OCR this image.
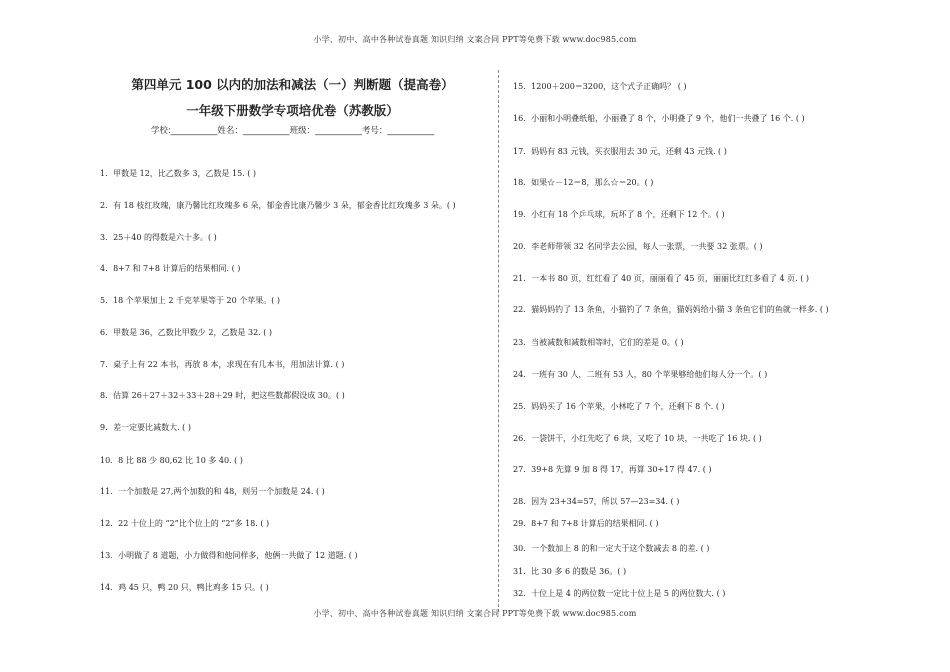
小学、初中、高中各种试卷真题 知识归纳 文案合同 PPT等免费下载 www.doc985.com
第四单元 100 以内的加法和减法（一）判断题（提高卷）
一年级下册数学专项培优卷（苏教版）
学校:___________姓名：___________班级：___________考号：___________
1．甲数是 12，比乙数多 3，乙数是 15. ( )
2．有 18 枝红玫瑰，康乃馨比红玫瑰多 6 朵，郁金香比康乃馨少 3 朵，郁金香比红玫瑰多 3 朵。( )
3．25＋40 的得数是六十多。( )
4．8+7 和 7+8 计算后的结果相同. ( )
5．18 个苹果加上 2 千克苹果等于 20 个苹果。( )
6．甲数是 36，乙数比甲数少 2，乙数是 32. ( )
7．桌子上有 22 本书，再放 8 本，求现在有几本书，用加法计算. ( )
8．估算 26＋27＋32＋33＋28＋29 时，把这些数都假设成 30。( )
9．差一定要比减数大. ( )
10．8 比 88 少 80,62 比 10 多 40. ( )
11．一个加数是 27,两个加数的和 48，则另一个加数是 24. ( )
12．22 十位上的 “2”比个位上的 “2”多 18. ( )
13．小明做了 8 道题，小力做得和他同样多，他俩一共做了 12 道题. ( )
14．鸡 45 只，鸭 20 只，鸭比鸡多 15 只。( )
15．1200＋200＝3200，这个式子正确吗？ ( )
16．小丽和小明叠纸船，小丽叠了 8 个，小明叠了 9 个，他们一共叠了 16 个. ( )
17．妈妈有 83 元钱，买衣服用去 30 元，还剩 43 元钱. ( )
18．如果☆－12＝8，那么☆＝20。( )
19．小红有 18 个乒乓球，玩坏了 8 个，还剩下 12 个。( )
20．李老师带领 32 名同学去公园，每人一张票，一共要 32 张票。( )
21．一本书 80 页，红红看了 40 页，丽丽看了 45 页，丽丽比红红多看了 4 页. ( )
22．猫妈妈钓了 13 条鱼，小猫钓了 7 条鱼，猫妈妈给小猫 3 条鱼它们的鱼就一样多. ( )
23．当被减数和减数相等时，它们的差是 0。( )
24．一班有 30 人，二班有 53 人，80 个苹果够给他们每人分一个。( )
25．妈妈买了 16 个苹果，小林吃了 7 个，还剩下 8 个. ( )
26．一袋饼干，小红先吃了 6 块，又吃了 10 块，一共吃了 16 块. ( )
27．39+8 先算 9 加 8 得 17，再算 30+17 得 47. ( )
28．因为 23+34=57，所以 57—23=34. ( )
29．8+7 和 7+8 计算后的结果相同. ( )
30．一个数加上 8 的和一定大于这个数减去 8 的差. ( )
31．比 30 多 6 的数是 36。( )
32．十位上是 4 的两位数一定比十位上是 5 的两位数大. ( )
小学、初中、高中各种试卷真题 知识归纳 文案合同 PPT等免费下载 www.doc985.com
